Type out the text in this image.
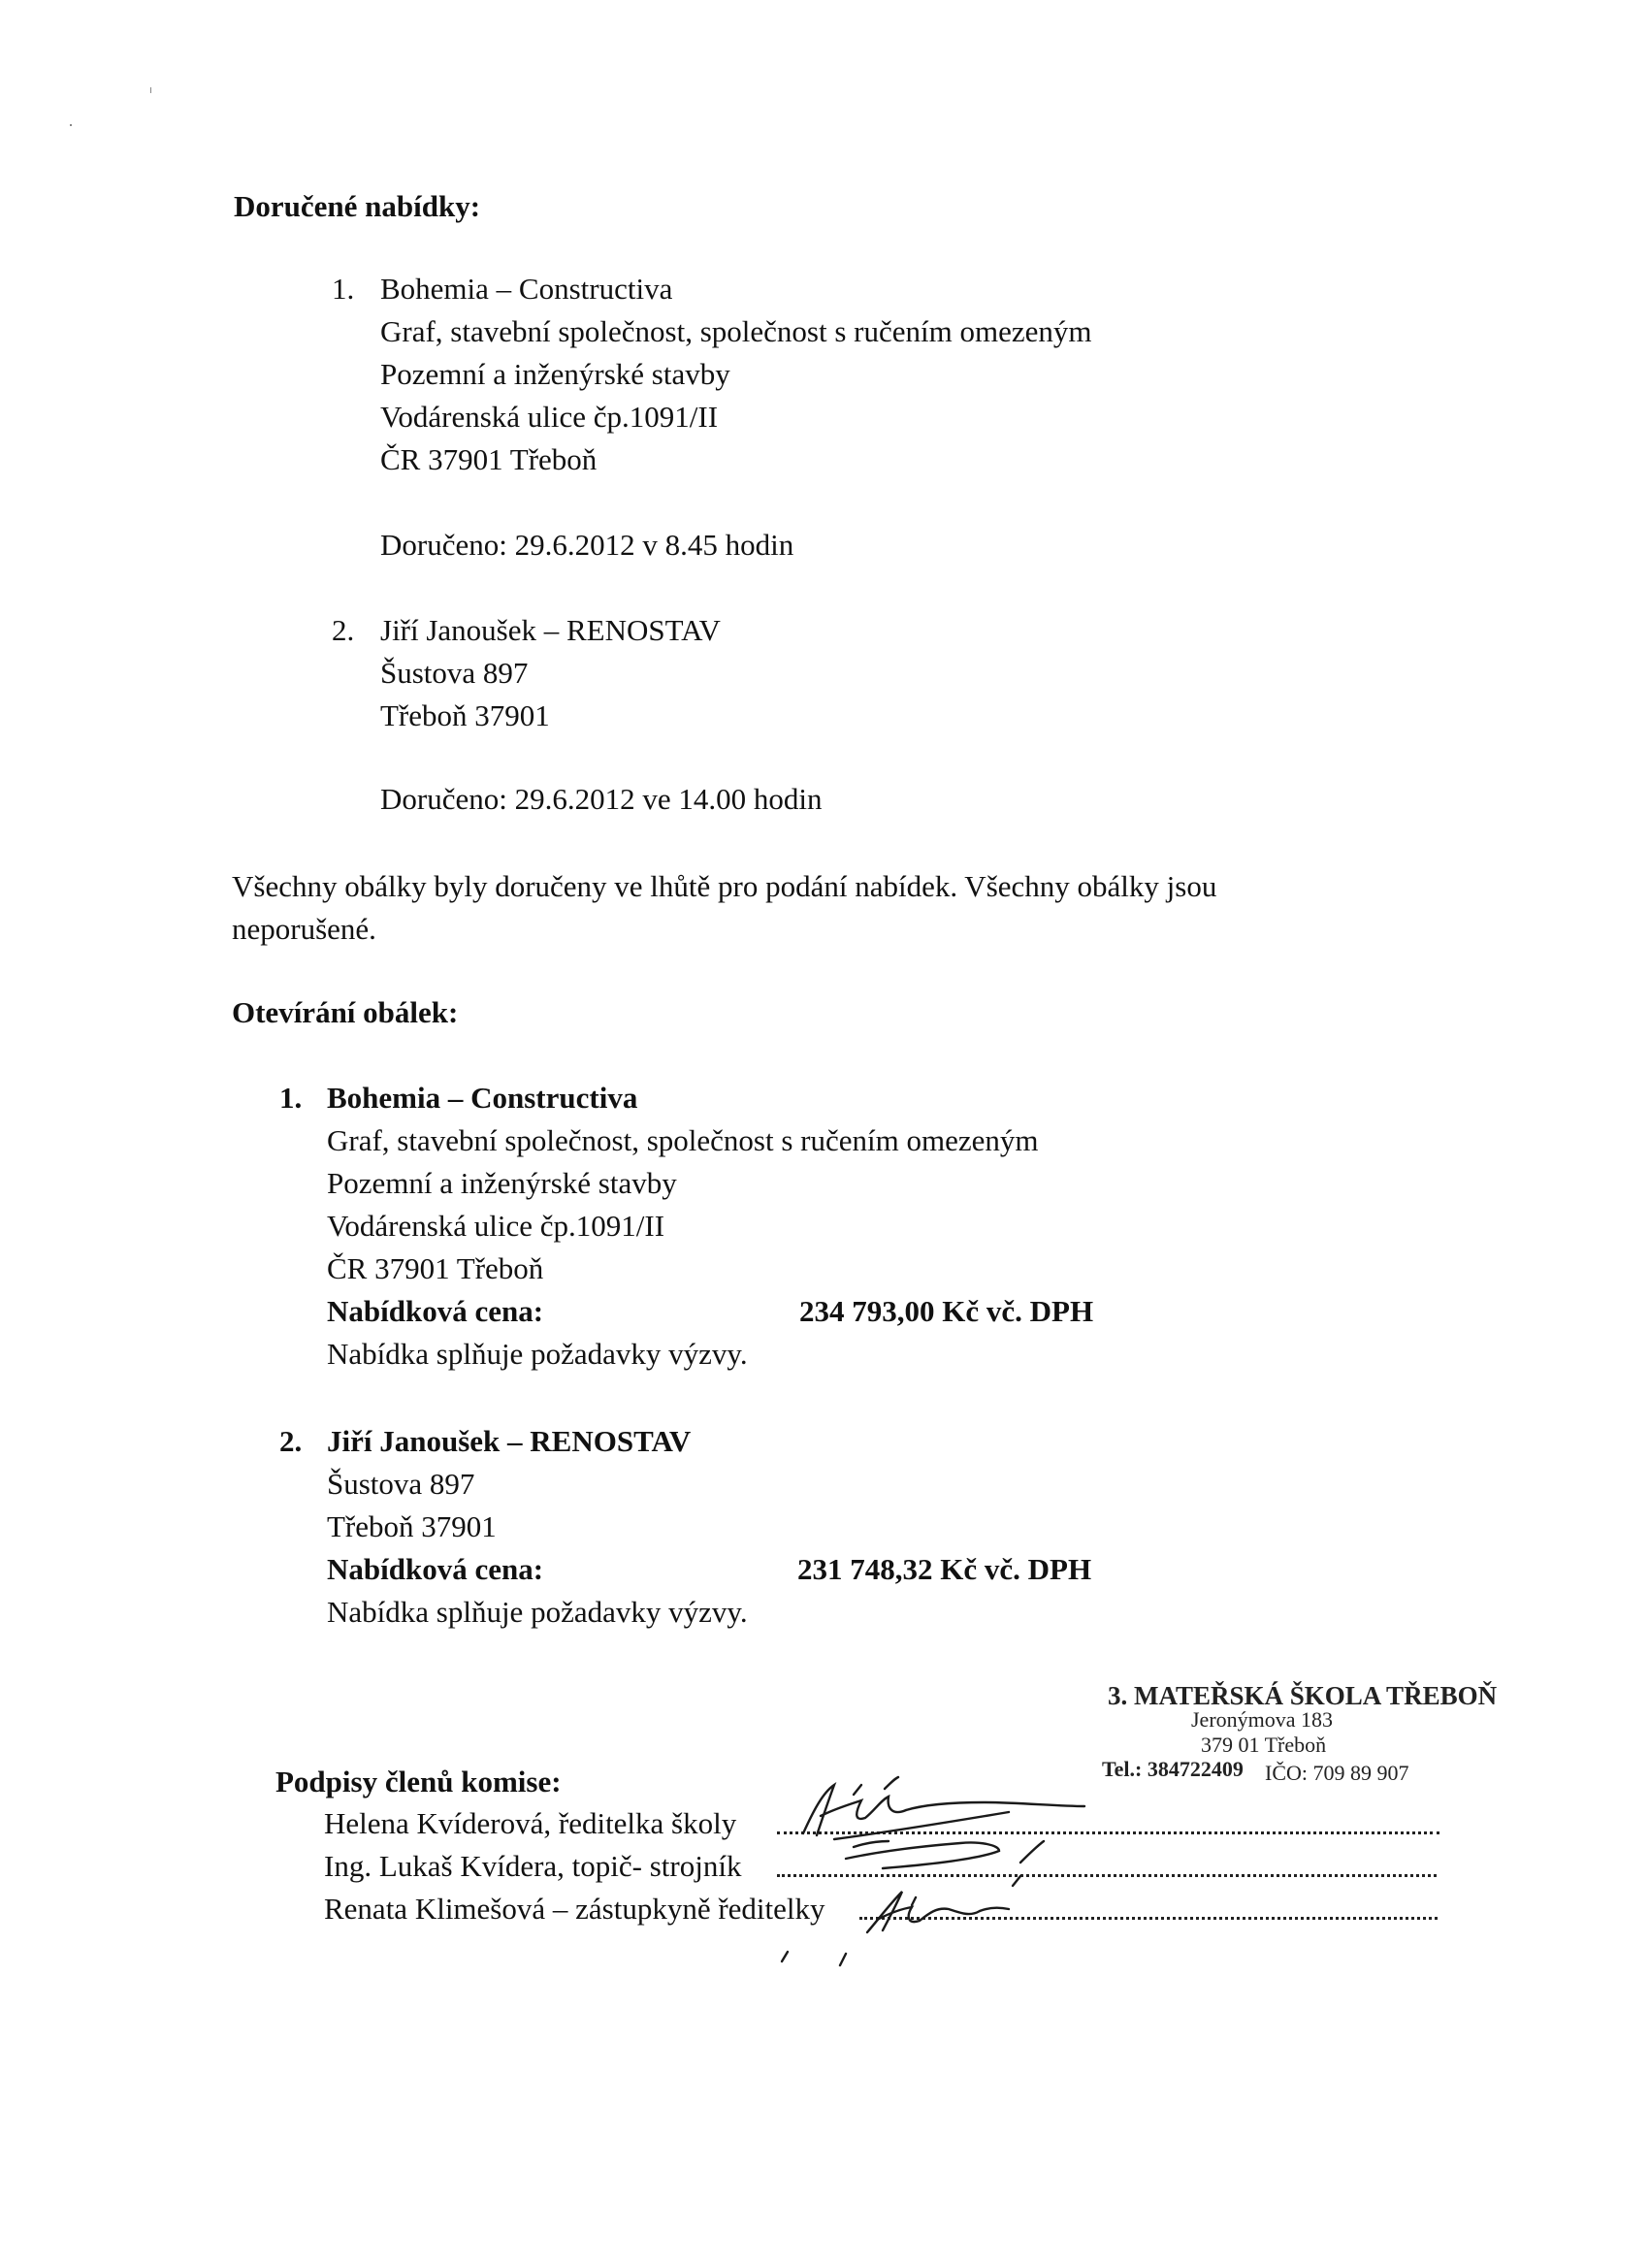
Doručené nabídky:
1. Bohemia – Constructiva
Graf, stavební společnost, společnost s ručením omezeným
Pozemní a inženýrské stavby
Vodárenská ulice čp.1091/II
ČR 37901 Třeboň
Doručeno: 29.6.2012 v 8.45 hodin
2. Jiří Janoušek – RENOSTAV
Šustova 897
Třeboň 37901
Doručeno: 29.6.2012 ve 14.00 hodin
Všechny obálky byly doručeny ve lhůtě pro podání nabídek. Všechny obálky jsou
neporušené.
Otevírání obálek:
1. Bohemia – Constructiva
Graf, stavební společnost, společnost s ručením omezeným
Pozemní a inženýrské stavby
Vodárenská ulice čp.1091/II
ČR 37901 Třeboň
Nabídková cena:	234 793,00 Kč vč. DPH
Nabídka splňuje požadavky výzvy.
2. Jiří Janoušek – RENOSTAV
Šustova 897
Třeboň 37901
Nabídková cena:	231 748,32 Kč vč. DPH
Nabídka splňuje požadavky výzvy.
3. MATEŘSKÁ ŠKOLA TŘEBOŇ
Jeronýmova 183
379 01 Třeboň
Tel.: 384722409 IČO: 709 89 907
Podpisy členů komise:
Helena Kvíderová, ředitelka školy
Ing. Lukaš Kvídera, topič- strojník
Renata Klimešová – zástupkyně ředitelky
